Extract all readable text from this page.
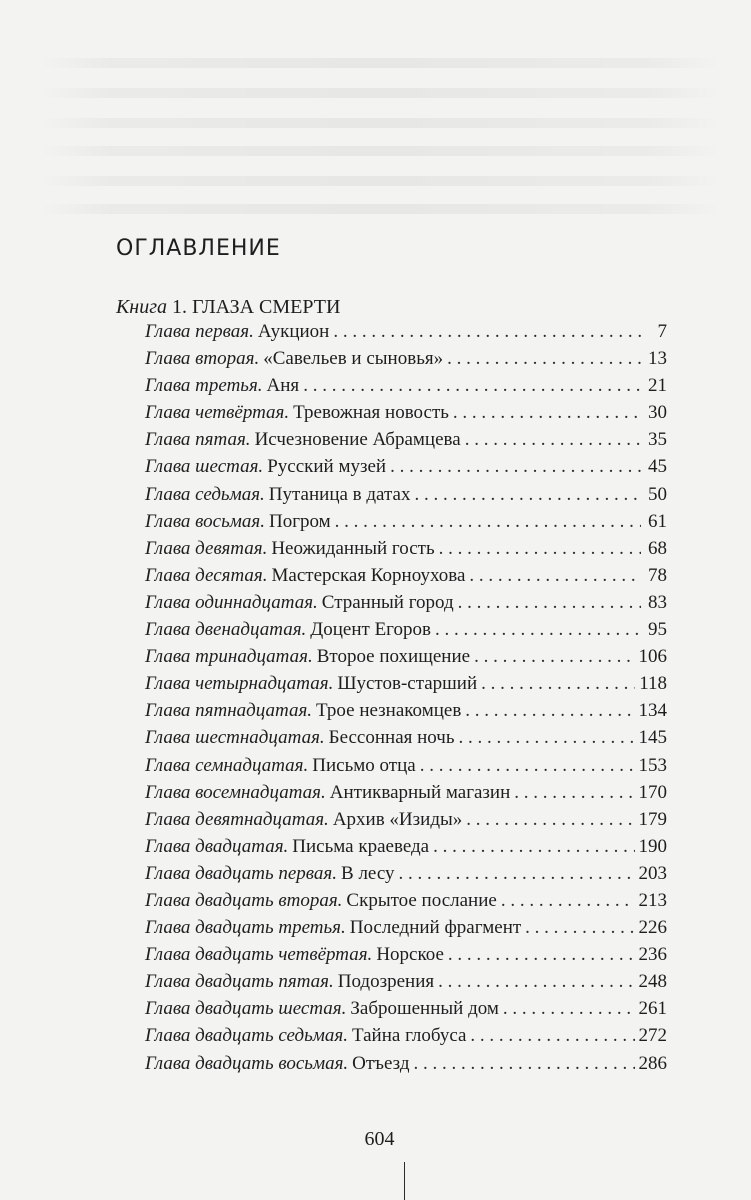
ОГЛАВЛЕНИЕ
Книга 1. ГЛАЗА СМЕРТИ
Глава первая. Аукцион . . .	7
Глава вторая. «Савельев и сыновья» . . .	13
Глава третья. Аня . . .	21
Глава четвёртая. Тревожная новость . . .	30
Глава пятая. Исчезновение Абрамцева . . .	35
Глава шестая. Русский музей . . .	45
Глава седьмая. Путаница в датах . . .	50
Глава восьмая. Погром . . .	61
Глава девятая. Неожиданный гость . . .	68
Глава десятая. Мастерская Корноухова . . .	78
Глава одиннадцатая. Странный город . . .	83
Глава двенадцатая. Доцент Егоров . . .	95
Глава тринадцатая. Второе похищение . . .	106
Глава четырнадцатая. Шустов-старший . . .	118
Глава пятнадцатая. Трое незнакомцев . . .	134
Глава шестнадцатая. Бессонная ночь . . .	145
Глава семнадцатая. Письмо отца . . .	153
Глава восемнадцатая. Антикварный магазин . . .	170
Глава девятнадцатая. Архив «Изиды» . . .	179
Глава двадцатая. Письма краеведа . . .	190
Глава двадцать первая. В лесу . . .	203
Глава двадцать вторая. Скрытое послание . . .	213
Глава двадцать третья. Последний фрагмент . . .	226
Глава двадцать четвёртая. Норское . . .	236
Глава двадцать пятая. Подозрения . . .	248
Глава двадцать шестая. Заброшенный дом . . .	261
Глава двадцать седьмая. Тайна глобуса . . .	272
Глава двадцать восьмая. Отъезд . . .	286
604
